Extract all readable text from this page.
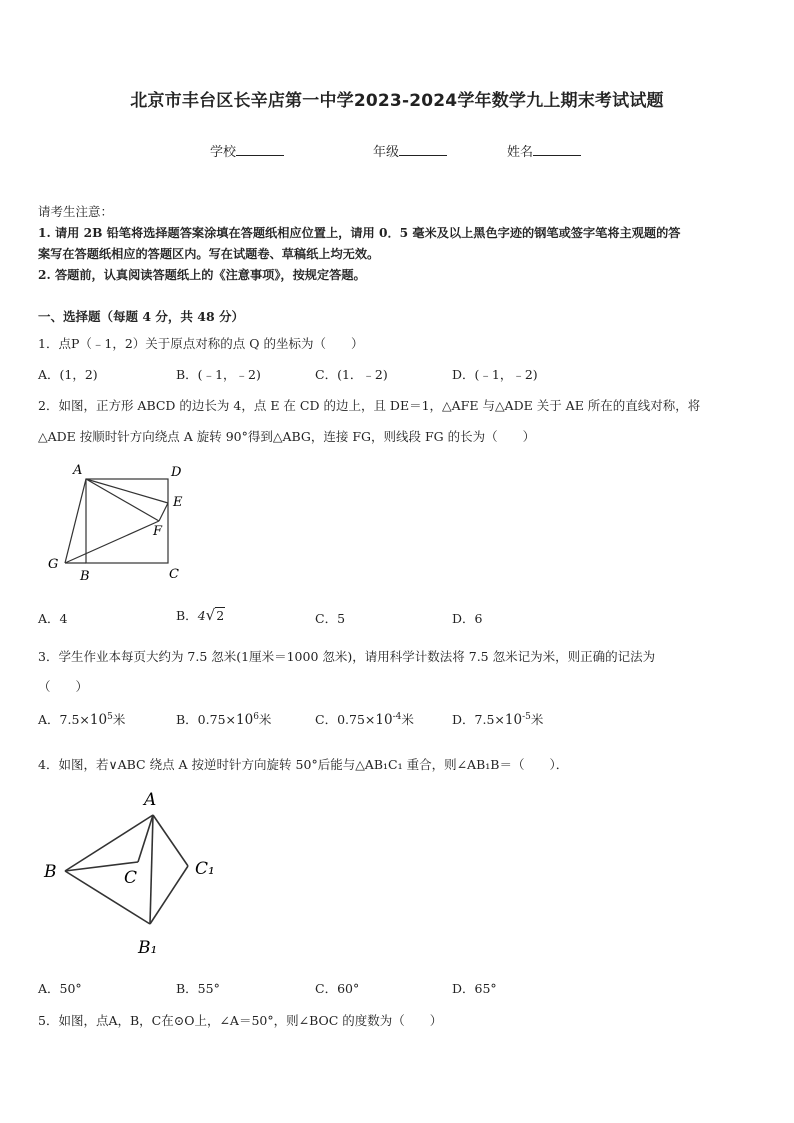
北京市丰台区长辛店第一中学2023-2024学年数学九上期末考试试题
学校	年级	姓名
请考生注意：
1. 请用 2B 铅笔将选择题答案涂填在答题纸相应位置上，请用 0．5 毫米及以上黑色字迹的钢笔或签字笔将主观题的答
案写在答题纸相应的答题区内。写在试题卷、草稿纸上均无效。
2. 答题前，认真阅读答题纸上的《注意事项》，按规定答题。
一、选择题（每题 4 分，共 48 分）
1．点P（﹣1，2）关于原点对称的点 Q 的坐标为（　　）
A．(1，2)	B．(﹣1，﹣2)	C．(1．﹣2)	D．(﹣1，﹣2)
2．如图，正方形 ABCD 的边长为 4，点 E 在 CD 的边上，且 DE＝1，△AFE 与△ADE 关于 AE 所在的直线对称，将
△ADE 按顺时针方向绕点 A 旋转 90°得到△ABG，连接 FG，则线段 FG 的长为（　　）
A	D
E
F
G
B	C
A．4	B．4√2	C．5	D．6
3．学生作业本每页大约为 7.5 忽米(1厘米＝1000 忽米)，请用科学计数法将 7.5 忽米记为米，则正确的记法为
（　　）
A．$7.5\times 10^5$米	B．$0.75\times 10^6$米	C．$0.75\times 10^{-4}$米	D．$7.5\times 10^{-5}$米
4．如图，若∨ABC 绕点 A 按逆时针方向旋转 50°后能与△AB₁C₁ 重合，则∠AB₁B＝（　　）．
A
B	C	C₁
B₁
A．50°	B．55°	C．60°	D．65°
5．如图，点A，B，C在⊙O上，∠A＝50°，则∠BOC 的度数为（　　）
